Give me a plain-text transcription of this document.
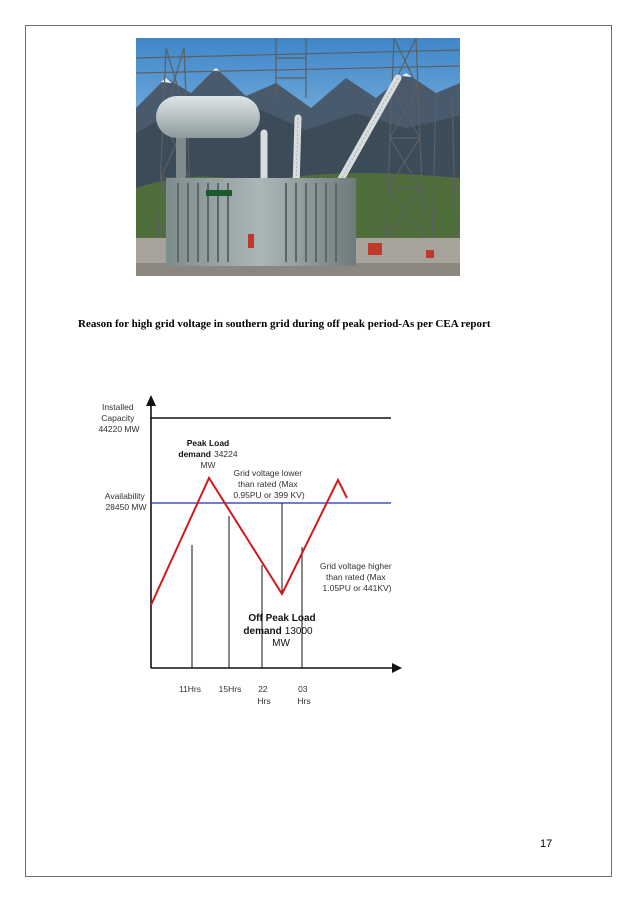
Reason for high grid voltage in southern grid during off peak period-As per CEA report
Installed Capacity 44220 MW
Availability 28450 MW
Peak Load
demand 34224
MW
Grid voltage lower than rated (Max 0.95PU or 399 KV)
Grid voltage higher than rated (Max 1.05PU or 441KV)
Off Peak Load
demand 13000
MW
11Hrs 15Hrs 22 Hrs
03 Hrs
17
